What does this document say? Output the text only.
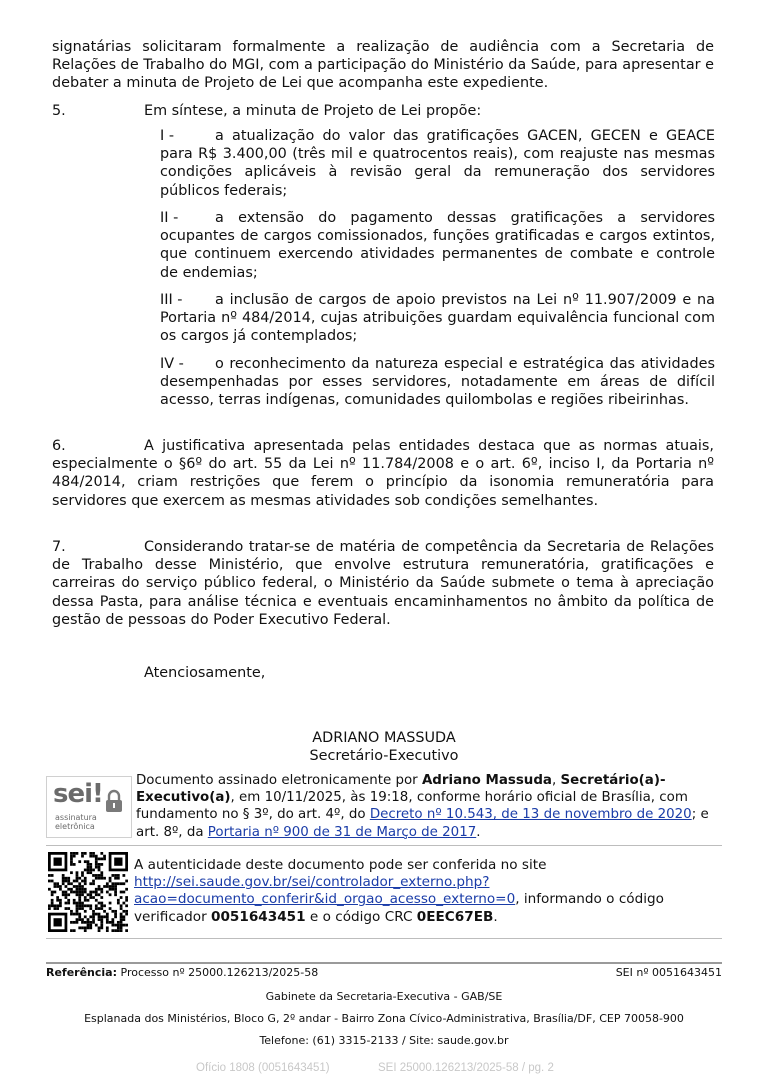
signatárias solicitaram formalmente a realização de audiência com a Secretaria de Relações de Trabalho do MGI, com a participação do Ministério da Saúde, para apresentar e debater a minuta de Projeto de Lei que acompanha este expediente.

5.	Em síntese, a minuta de Projeto de Lei propõe:

I -	a atualização do valor das gratificações GACEN, GECEN e GEACE para R$ 3.400,00 (três mil e quatrocentos reais), com reajuste nas mesmas condições aplicáveis à revisão geral da remuneração dos servidores públicos federais;

II -	a extensão do pagamento dessas gratificações a servidores ocupantes de cargos comissionados, funções gratificadas e cargos extintos, que continuem exercendo atividades permanentes de combate e controle de endemias;

III - a inclusão de cargos de apoio previstos na Lei nº 11.907/2009 e na Portaria nº 484/2014, cujas atribuições guardam equivalência funcional com os cargos já contemplados;

IV - o reconhecimento da natureza especial e estratégica das atividades desempenhadas por esses servidores, notadamente em áreas de difícil acesso, terras indígenas, comunidades quilombolas e regiões ribeirinhas.

6.	A justificativa apresentada pelas entidades destaca que as normas atuais, especialmente o §6º do art. 55 da Lei nº 11.784/2008 e o art. 6º, inciso I, da Portaria nº 484/2014, criam restrições que ferem o princípio da isonomia remuneratória para servidores que exercem as mesmas atividades sob condições semelhantes.

7.	Considerando tratar-se de matéria de competência da Secretaria de Relações de Trabalho desse Ministério, que envolve estrutura remuneratória, gratificações e carreiras do serviço público federal, o Ministério da Saúde submete o tema à apreciação dessa Pasta, para análise técnica e eventuais encaminhamentos no âmbito da política de gestão de pessoas do Poder Executivo Federal.

Atenciosamente,

ADRIANO MASSUDA
Secretário-Executivo
sei!
assinatura
eletrônica
Documento assinado eletronicamente por Adriano Massuda, Secretário(a)-Executivo(a), em 10/11/2025, às 19:18, conforme horário oficial de Brasília, com fundamento no § 3º, do art. 4º, do Decreto nº 10.543, de 13 de novembro de 2020; e art. 8º, da Portaria nº 900 de 31 de Março de 2017.
A autenticidade deste documento pode ser conferida no site
http://sei.saude.gov.br/sei/controlador_externo.php?
acao=documento_conferir&id_orgao_acesso_externo=0, informando o código verificador 0051643451 e o código CRC 0EEC67EB.
Referência: Processo nº 25000.126213/2025-58	SEI nº 0051643451
Gabinete da Secretaria-Executiva - GAB/SE
Esplanada dos Ministérios, Bloco G, 2º andar - Bairro Zona Cívico-Administrativa, Brasília/DF, CEP 70058-900
Telefone: (61) 3315-2133 / Site: saude.gov.br
Ofício 1808 (0051643451)	SEI 25000.126213/2025-58 / pg. 2
